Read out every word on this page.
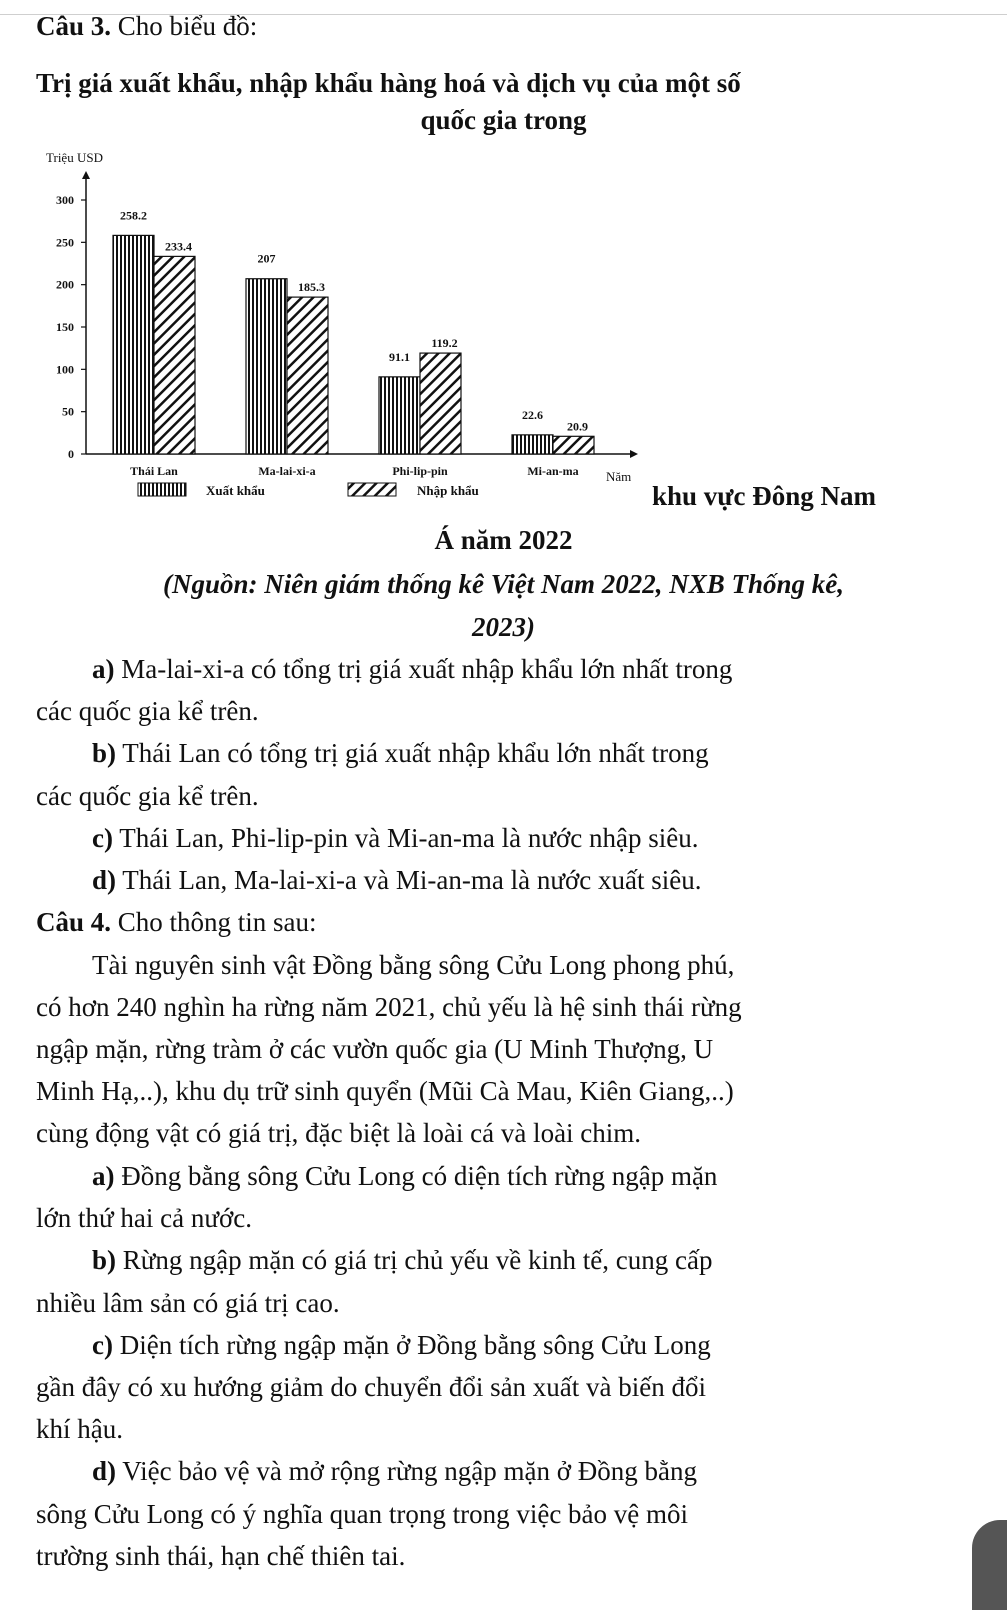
Câu 3. Cho biểu đồ:
Trị giá xuất khẩu, nhập khẩu hàng hoá và dịch vụ của một số
quốc gia trong
Triệu USD
Năm
0
50
100
150
200
250
300
258.2
233.4
Thái Lan
207
185.3
Ma-lai-xi-a
91.1
119.2
Phi-lip-pin
22.6
20.9
Mi-an-ma
Xuất khẩu	Nhập khẩu	khu vực Đông Nam
Á năm 2022
(Nguồn: Niên giám thống kê Việt Nam 2022, NXB Thống kê,
2023)
a) Ma-lai-xi-a có tổng trị giá xuất nhập khẩu lớn nhất trong
các quốc gia kể trên.
b) Thái Lan có tổng trị giá xuất nhập khẩu lớn nhất trong
các quốc gia kể trên.
c) Thái Lan, Phi-lip-pin và Mi-an-ma là nước nhập siêu.
d) Thái Lan, Ma-lai-xi-a và Mi-an-ma là nước xuất siêu.
Câu 4. Cho thông tin sau:
Tài nguyên sinh vật Đồng bằng sông Cửu Long phong phú,
có hơn 240 nghìn ha rừng năm 2021, chủ yếu là hệ sinh thái rừng
ngập mặn, rừng tràm ở các vườn quốc gia (U Minh Thượng, U
Minh Hạ,..), khu dụ trữ sinh quyển (Mũi Cà Mau, Kiên Giang,..)
cùng động vật có giá trị, đặc biệt là loài cá và loài chim.
a) Đồng bằng sông Cửu Long có diện tích rừng ngập mặn
lớn thứ hai cả nước.
b) Rừng ngập mặn có giá trị chủ yếu về kinh tế, cung cấp
nhiều lâm sản có giá trị cao.
c) Diện tích rừng ngập mặn ở Đồng bằng sông Cửu Long
gần đây có xu hướng giảm do chuyển đổi sản xuất và biến đổi
khí hậu.
d) Việc bảo vệ và mở rộng rừng ngập mặn ở Đồng bằng
sông Cửu Long có ý nghĩa quan trọng trong việc bảo vệ môi
trường sinh thái, hạn chế thiên tai.
